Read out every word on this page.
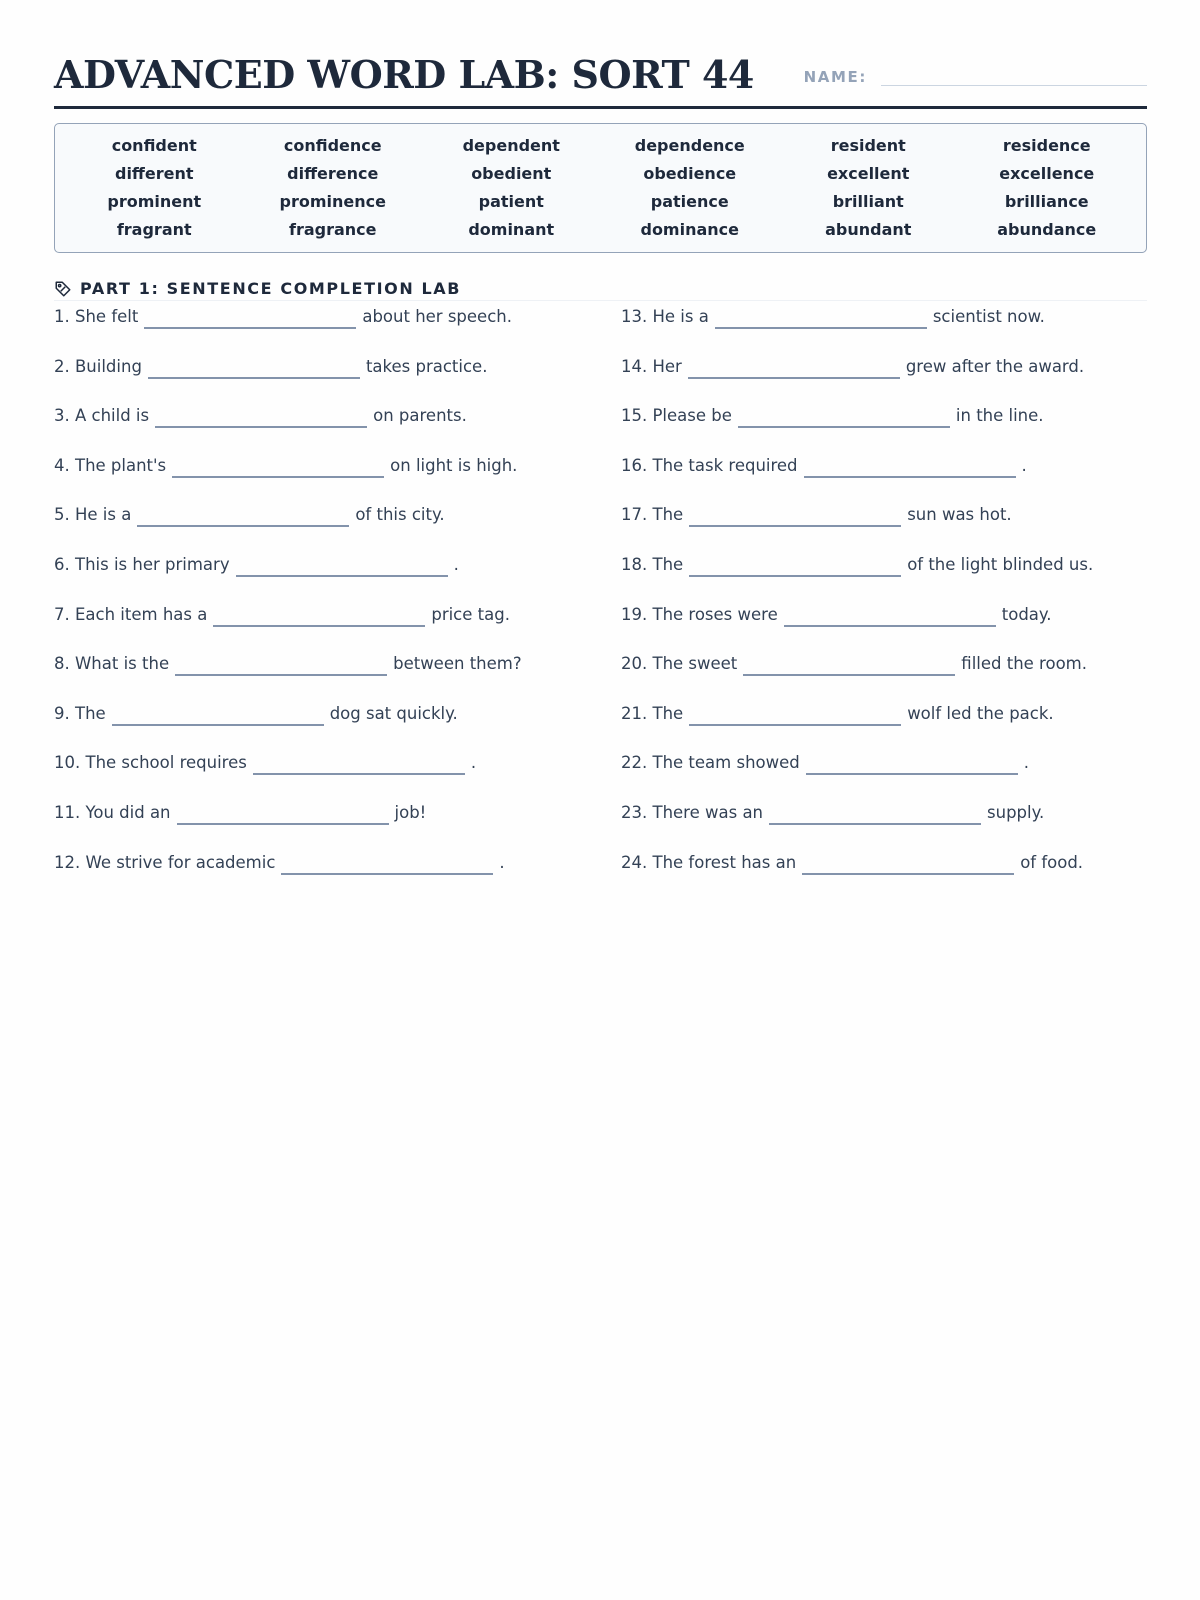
ADVANCED WORD LAB: SORT 44	NAME:
confident	confidence	dependent	dependence	resident	residence
different	difference	obedient	obedience	excellent	excellence
prominent	prominence	patient	patience	brilliant	brilliance
fragrant	fragrance	dominant	dominance	abundant	abundance
PART 1: SENTENCE COMPLETION LAB
1. She felt	about her speech.
2. Building	takes practice.
3. A child is	on parents.
4. The plant's	on light is high.
5. He is a	of this city.
6. This is her primary	.
7. Each item has a	price tag.
8. What is the	between them?
9. The	dog sat quickly.
10. The school requires	.
11. You did an	job!
12. We strive for academic	.
13. He is a	scientist now.
14. Her	grew after the award.
15. Please be	in the line.
16. The task required	.
17. The	sun was hot.
18. The	of the light blinded us.
19. The roses were	today.
20. The sweet	filled the room.
21. The	wolf led the pack.
22. The team showed	.
23. There was an	supply.
24. The forest has an	of food.
